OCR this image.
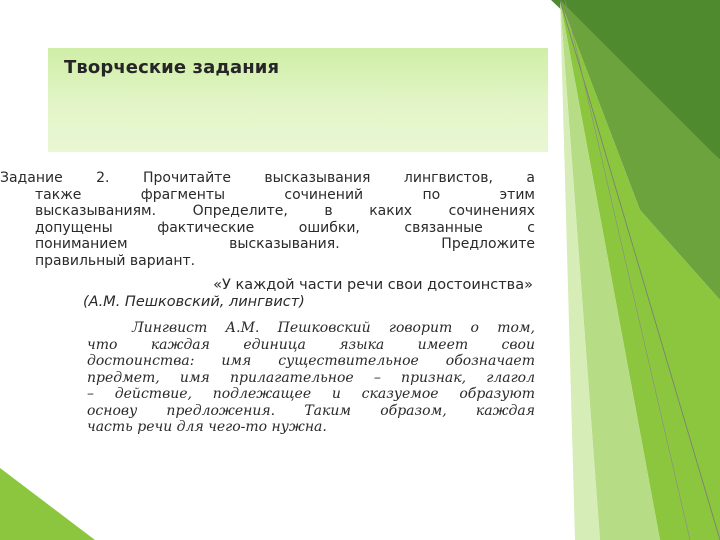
Творческие задания

Задание 2. Прочитайте высказывания лингвистов, а
также фрагменты сочинений по этим
высказываниям. Определите, в каких сочинениях
допущены фактические ошибки, связанные с
пониманием высказывания. Предложите
правильный вариант.

«У каждой части речи свои достоинства»
(А.М. Пешковский, лингвист)

Лингвист А.М. Пешковский говорит о том,
что каждая единица языка имеет свои
достоинства: имя существительное обозначает
предмет, имя прилагательное – признак, глагол
– действие, подлежащее и сказуемое образуют
основу предложения. Таким образом, каждая
часть речи для чего-то нужна.
